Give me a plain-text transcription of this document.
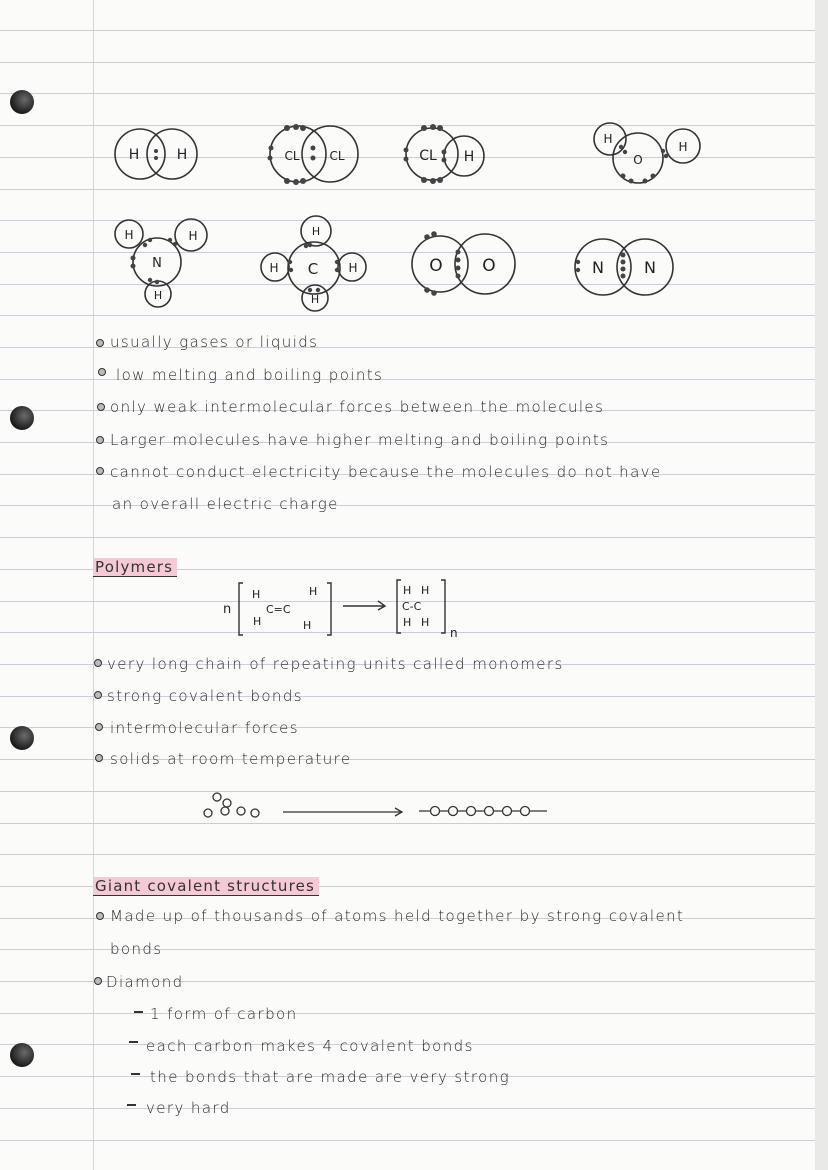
H	H	CL CL	CL H
H
O
H
H	H
N
H
H
H C	H
H
O O	N	N
usually gases or liquids
low melting and boiling points
only weak intermolecular forces between the molecules
Larger molecules have higher melting and boiling points
cannot conduct electricity because the molecules do not have
an overall electric charge
Polymers
n
H	H
H	H
C=C
H H
H H
C-C
n
very long chain of repeating units called monomers
strong covalent bonds
intermolecular forces
solids at room temperature
Giant covalent structures
Made up of thousands of atoms held together by strong covalent
bonds
Diamond
1 form of carbon
each carbon makes 4 covalent bonds
the bonds that are made are very strong
very hard
